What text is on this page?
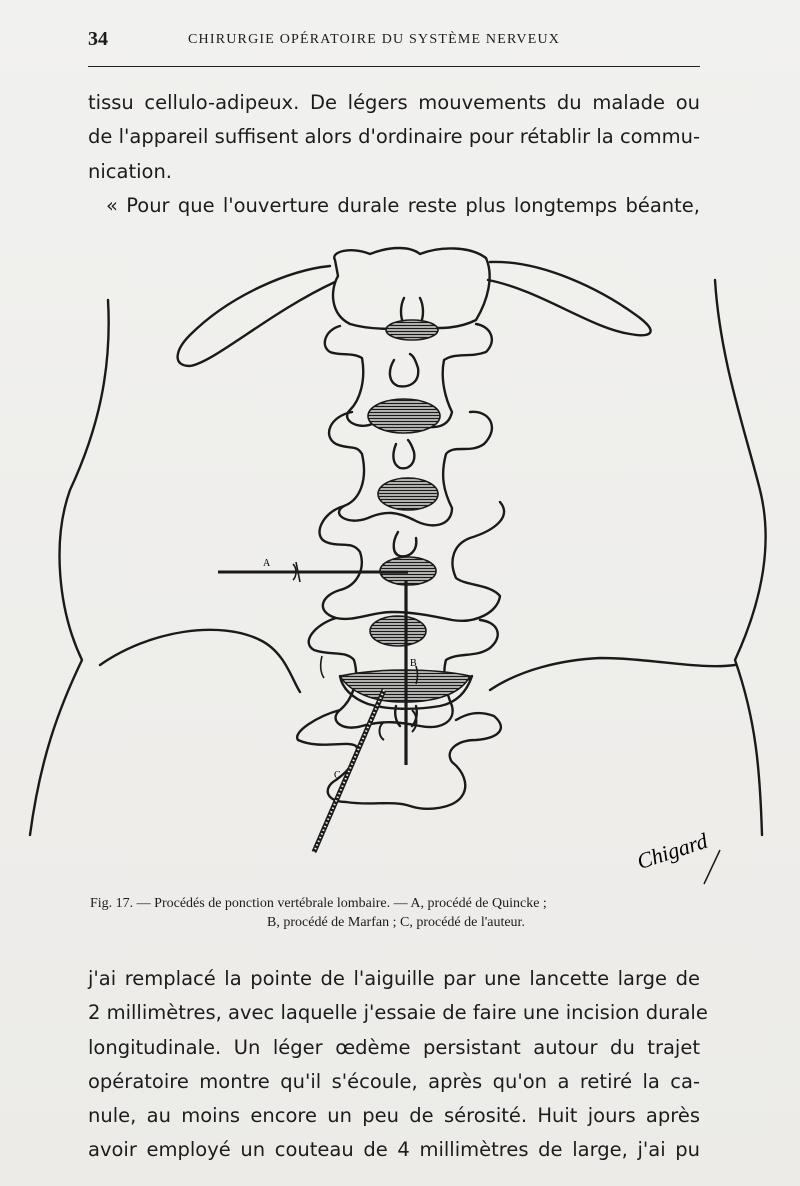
34	CHIRURGIE OPÉRATOIRE DU SYSTÈME NERVEUX
tissu cellulo-adipeux. De légers mouvements du malade ou
de l'appareil suffisent alors d'ordinaire pour rétablir la commu-
nication.
« Pour que l'ouverture durale reste plus longtemps béante,
A
B
C
Chigard
Fig. 17. — Procédés de ponction vertébrale lombaire. — A, procédé de Quincke ;
B, procédé de Marfan ; C, procédé de l'auteur.
j'ai remplacé la pointe de l'aiguille par une lancette large de
2 millimètres, avec laquelle j'essaie de faire une incision durale
longitudinale. Un léger œdème persistant autour du trajet
opératoire montre qu'il s'écoule, après qu'on a retiré la ca-
nule, au moins encore un peu de sérosité. Huit jours après
avoir employé un couteau de 4 millimètres de large, j'ai pu
